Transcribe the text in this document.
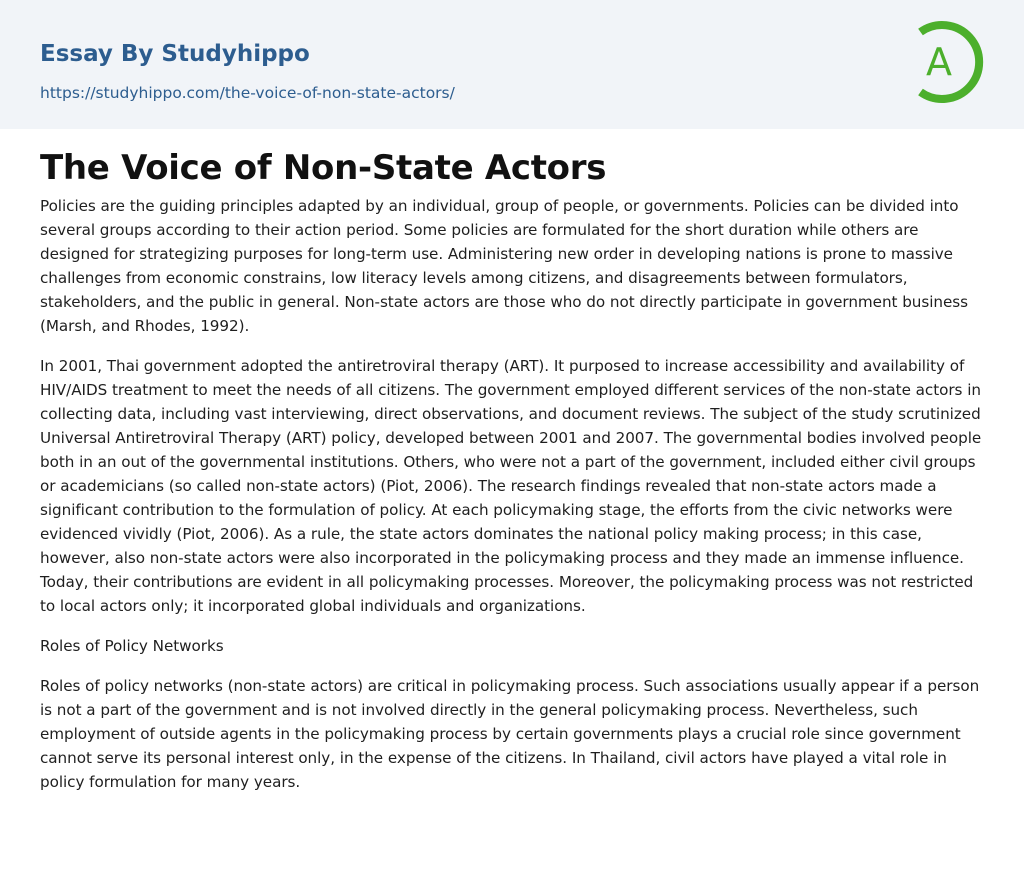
Essay By Studyhippo
https://studyhippo.com/the-voice-of-non-state-actors/
A
The Voice of Non-State Actors

Policies are the guiding principles adapted by an individual, group of people, or governments. Policies can be divided into several groups according to their action period. Some policies are formulated for the short duration while others are designed for strategizing purposes for long-term use. Administering new order in developing nations is prone to massive challenges from economic constrains, low literacy levels among citizens, and disagreements between formulators, stakeholders, and the public in general. Non-state actors are those who do not directly participate in government business (Marsh, and Rhodes, 1992).

In 2001, Thai government adopted the antiretroviral therapy (ART). It purposed to increase accessibility and availability of HIV/AIDS treatment to meet the needs of all citizens. The government employed different services of the non-state actors in collecting data, including vast interviewing, direct observations, and document reviews. The subject of the study scrutinized Universal Antiretroviral Therapy (ART) policy, developed between 2001 and 2007. The governmental bodies involved people both in an out of the governmental institutions. Others, who were not a part of the government, included either civil groups or academicians (so called non-state actors) (Piot, 2006). The research findings revealed that non-state actors made a significant contribution to the formulation of policy. At each policymaking stage, the efforts from the civic networks were evidenced vividly (Piot, 2006). As a rule, the state actors dominates the national policy making process; in this case, however, also non-state actors were also incorporated in the policymaking process and they made an immense influence. Today, their contributions are evident in all policymaking processes. Moreover, the policymaking process was not restricted to local actors only; it incorporated global individuals and organizations.

Roles of Policy Networks

Roles of policy networks (non-state actors) are critical in policymaking process. Such associations usually appear if a person is not a part of the government and is not involved directly in the general policymaking process. Nevertheless, such employment of outside agents in the policymaking process by certain governments plays a crucial role since government cannot serve its personal interest only, in the expense of the citizens. In Thailand, civil actors have played a vital role in policy formulation for many years.
